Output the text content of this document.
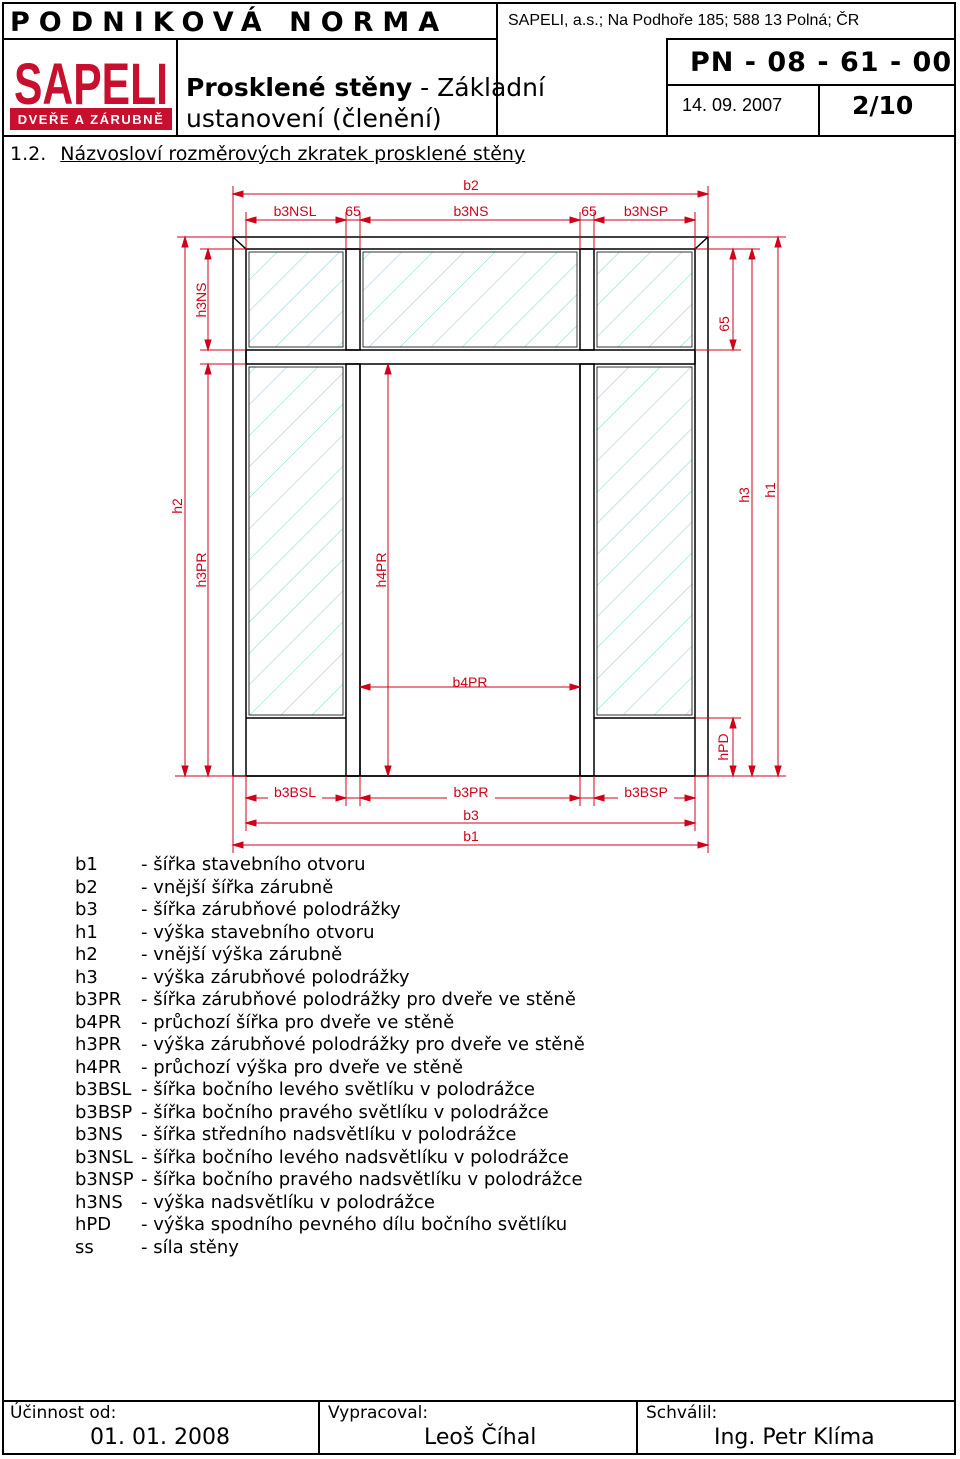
PODNIKOVÁ NORMA	SAPELI, a.s.; Na Podhoře 185; 588 13 Polná; ČR
SAPELI
DVEŘE A ZÁRUBNĚ
Prosklené stěny - Základní ustanovení (členění)
PN - 08 - 61 - 00
14. 09. 2007	2/10
1.2. Názvosloví rozměrových zkratek prosklené stěny
b2
b3NSL 65	b3NS	65 b3NSP
h3NS
65
h2
h3 h1
h3PR	h4PR
b4PR
hPD
b3BSL	b3PR	b3BSP
b3
b1
b1 - šířka stavebního otvoru
b2 - vnější šířka zárubně
b3 - šířka zárubňové polodrážky
h1 - výška stavebního otvoru
h2 - vnější výška zárubně
h3 - výška zárubňové polodrážky
b3PR - šířka zárubňové polodrážky pro dveře ve stěně
b4PR - průchozí šířka pro dveře ve stěně
h3PR - výška zárubňové polodrážky pro dveře ve stěně
h4PR - průchozí výška pro dveře ve stěně
b3BSL - šířka bočního levého světlíku v polodrážce
b3BSP - šířka bočního pravého světlíku v polodrážce
b3NS - šířka středního nadsvětlíku v polodrážce
b3NSL - šířka bočního levého nadsvětlíku v polodrážce
b3NSP - šířka bočního pravého nadsvětlíku v polodrážce
h3NS - výška nadsvětlíku v polodrážce
hPD - výška spodního pevného dílu bočního světlíku
ss	- síla stěny
Účinnost od:
01. 01. 2008
Vypracoval:
Leoš Číhal
Schválil:
Ing. Petr Klíma
